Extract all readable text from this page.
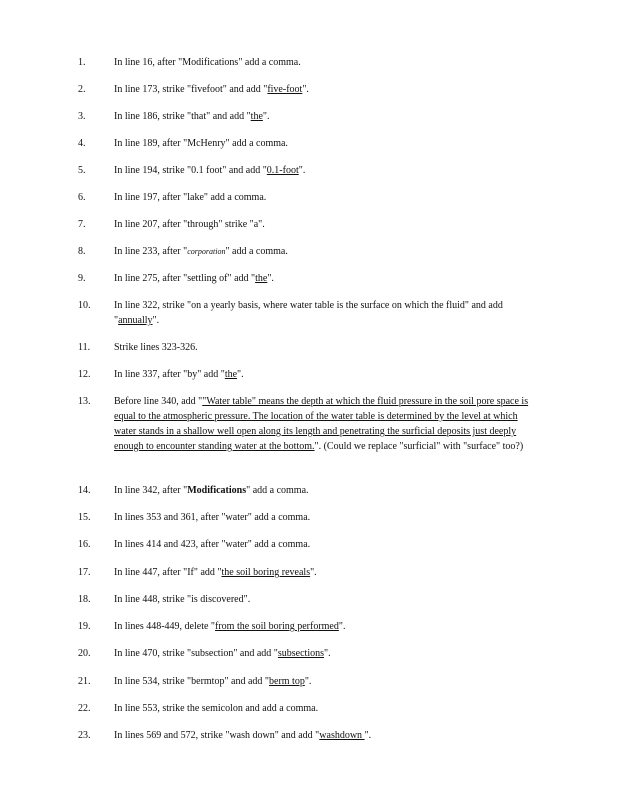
1.	In line 16, after "Modifications" add a comma.
2.	In line 173, strike "fivefoot" and add "five-foot".
3.	In line 186, strike "that" and add "the".
4.	In line 189, after "McHenry" add a comma.
5.	In line 194, strike "0.1 foot" and add "0.1-foot".
6.	In line 197, after "lake" add a comma.
7.	In line 207, after "through" strike "a".
8.	In line 233, after "corporation" add a comma.
9.	In line 275, after "settling of" add "the".
10.	In line 322, strike "on a yearly basis, where water table is the surface on which the fluid" and add "annually".
11.	Strike lines 323-326.
12.	In line 337, after "by" add "the".
13.	Before line 340, add ""Water table" means the depth at which the fluid pressure in the soil pore space is equal to the atmospheric pressure. The location of the water table is determined by the level at which water stands in a shallow well open along its length and penetrating the surficial deposits just deeply enough to encounter standing water at the bottom.". (Could we replace "surficial" with "surface" too?)
14.	In line 342, after "Modifications" add a comma.
15.	In lines 353 and 361, after "water" add a comma.
16.	In lines 414 and 423, after "water" add a comma.
17.	In line 447, after "If" add "the soil boring reveals".
18.	In line 448, strike "is discovered".
19.	In lines 448-449, delete "from the soil boring performed".
20.	In line 470, strike "subsection" and add "subsections".
21.	In line 534, strike "bermtop" and add "berm top".
22.	In line 553, strike the semicolon and add a comma.
23.	In lines 569 and 572, strike "wash down" and add "washdown ".
